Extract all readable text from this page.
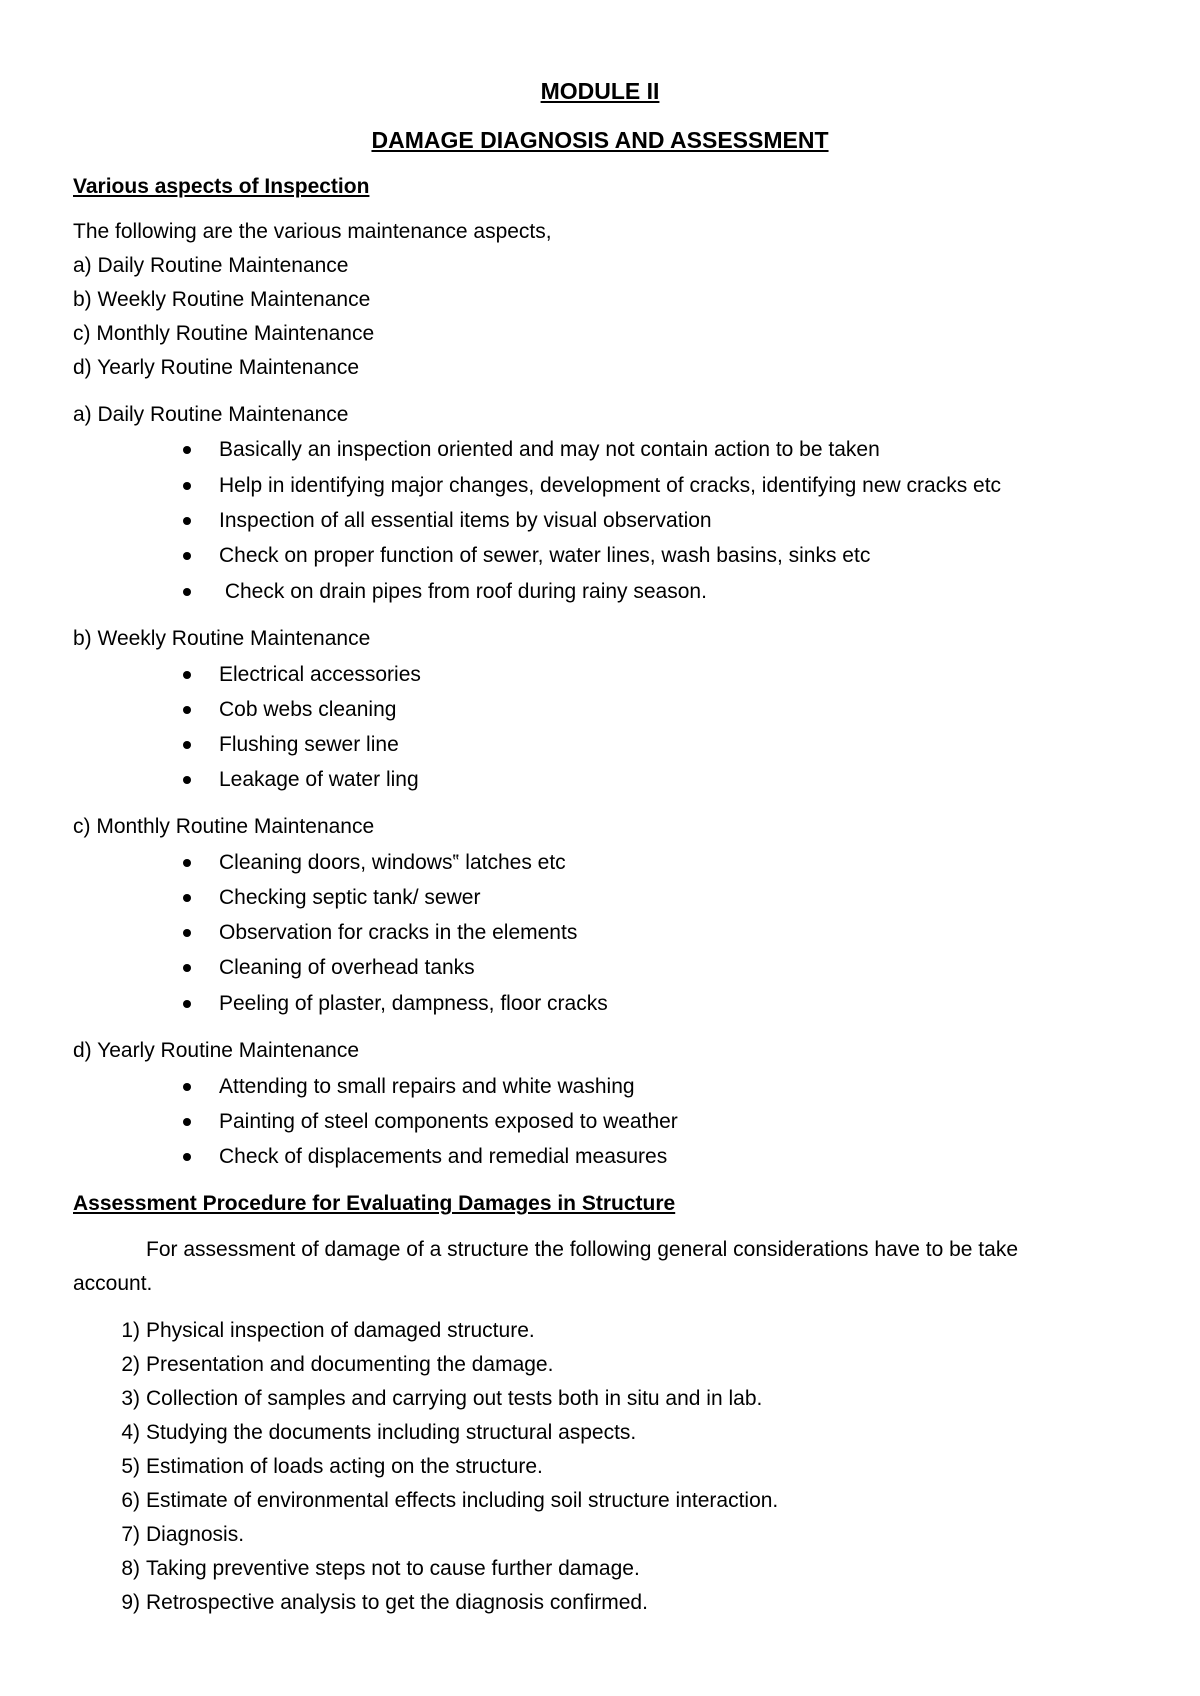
MODULE II
DAMAGE DIAGNOSIS AND ASSESSMENT
Various aspects of Inspection
The following are the various maintenance aspects,
a) Daily Routine Maintenance
b) Weekly Routine Maintenance
c) Monthly Routine Maintenance
d) Yearly Routine Maintenance
a) Daily Routine Maintenance
Basically an inspection oriented and may not contain action to be taken
Help in identifying major changes, development of cracks, identifying new cracks etc
Inspection of all essential items by visual observation
Check on proper function of sewer, water lines, wash basins, sinks etc
Check on drain pipes from roof during rainy season.
b) Weekly Routine Maintenance
Electrical accessories
Cob webs cleaning
Flushing sewer line
Leakage of water ling
c) Monthly Routine Maintenance
Cleaning doors, windows‟ latches etc
Checking septic tank/ sewer
Observation for cracks in the elements
Cleaning of overhead tanks
Peeling of plaster, dampness, floor cracks
d) Yearly Routine Maintenance
Attending to small repairs and white washing
Painting of steel components exposed to weather
Check of displacements and remedial measures
Assessment Procedure for Evaluating Damages in Structure
For assessment of damage of a structure the following general considerations have to be take
account.
1) Physical inspection of damaged structure.
2) Presentation and documenting the damage.
3) Collection of samples and carrying out tests both in situ and in lab.
4) Studying the documents including structural aspects.
5) Estimation of loads acting on the structure.
6) Estimate of environmental effects including soil structure interaction.
7) Diagnosis.
8) Taking preventive steps not to cause further damage.
9) Retrospective analysis to get the diagnosis confirmed.
